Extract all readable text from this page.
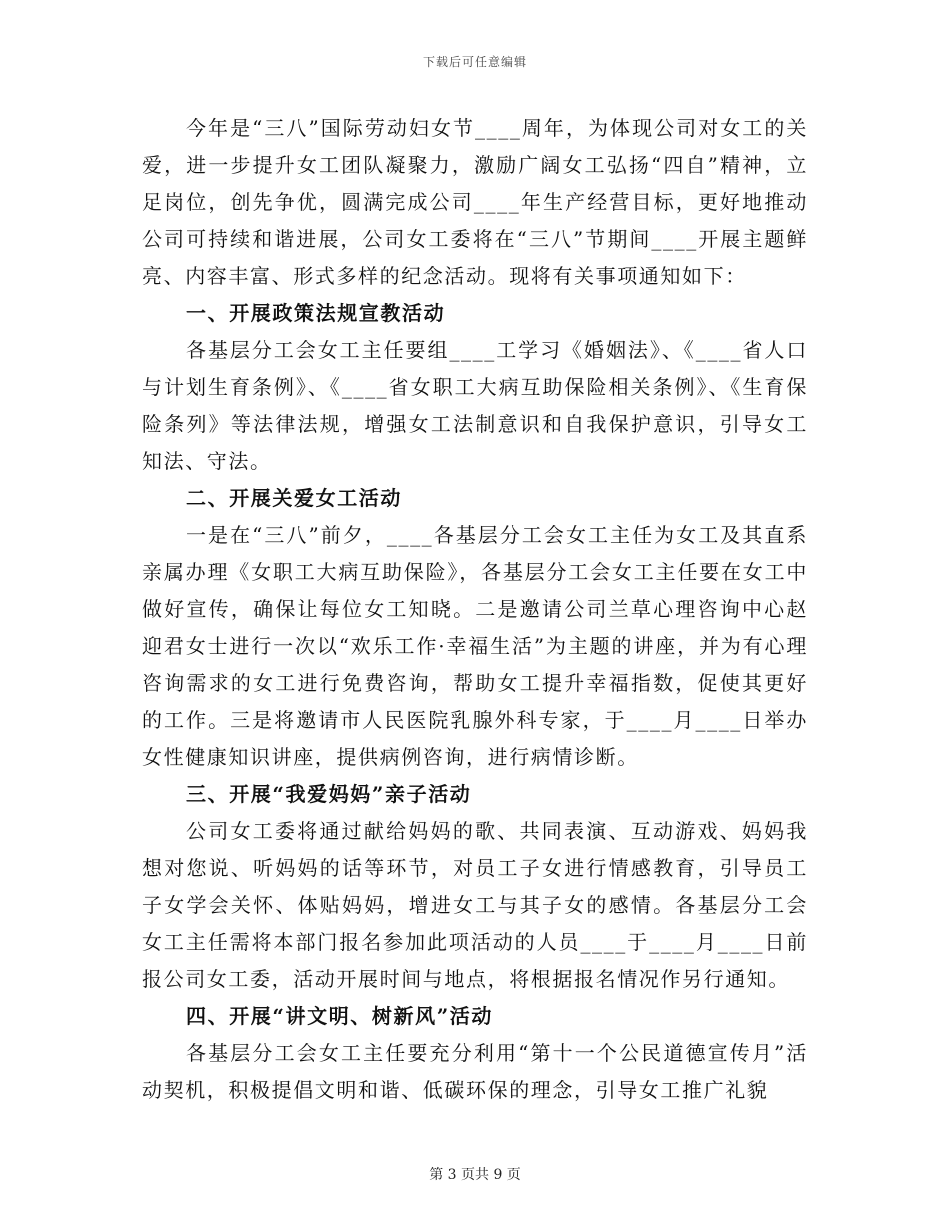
下载后可任意编辑

今年是“三八”国际劳动妇女节____周年，为体现公司对女工的关爱，进一步提升女工团队凝聚力，激励广阔女工弘扬“四自”精神，立足岗位，创先争优，圆满完成公司____年生产经营目标，更好地推动公司可持续和谐进展，公司女工委将在“三八”节期间____开展主题鲜亮、内容丰富、形式多样的纪念活动。现将有关事项通知如下：

一、开展政策法规宣教活动

各基层分工会女工主任要组____工学习《婚姻法》、《____省人口与计划生育条例》、《____省女职工大病互助保险相关条例》、《生育保险条列》等法律法规，增强女工法制意识和自我保护意识，引导女工知法、守法。

二、开展关爱女工活动

一是在“三八”前夕，____各基层分工会女工主任为女工及其直系亲属办理《女职工大病互助保险》，各基层分工会女工主任要在女工中做好宣传，确保让每位女工知晓。二是邀请公司兰草心理咨询中心赵迎君女士进行一次以“欢乐工作·幸福生活”为主题的讲座，并为有心理咨询需求的女工进行免费咨询，帮助女工提升幸福指数，促使其更好的工作。三是将邀请市人民医院乳腺外科专家，于____月____日举办女性健康知识讲座，提供病例咨询，进行病情诊断。

三、开展“我爱妈妈”亲子活动

公司女工委将通过献给妈妈的歌、共同表演、互动游戏、妈妈我想对您说、听妈妈的话等环节，对员工子女进行情感教育，引导员工子女学会关怀、体贴妈妈，增进女工与其子女的感情。各基层分工会女工主任需将本部门报名参加此项活动的人员____于____月____日前报公司女工委，活动开展时间与地点，将根据报名情况作另行通知。

四、开展“讲文明、树新风”活动

各基层分工会女工主任要充分利用“第十一个公民道德宣传月”活动契机，积极提倡文明和谐、低碳环保的理念，引导女工推广礼貌

第 3 页共 9 页
